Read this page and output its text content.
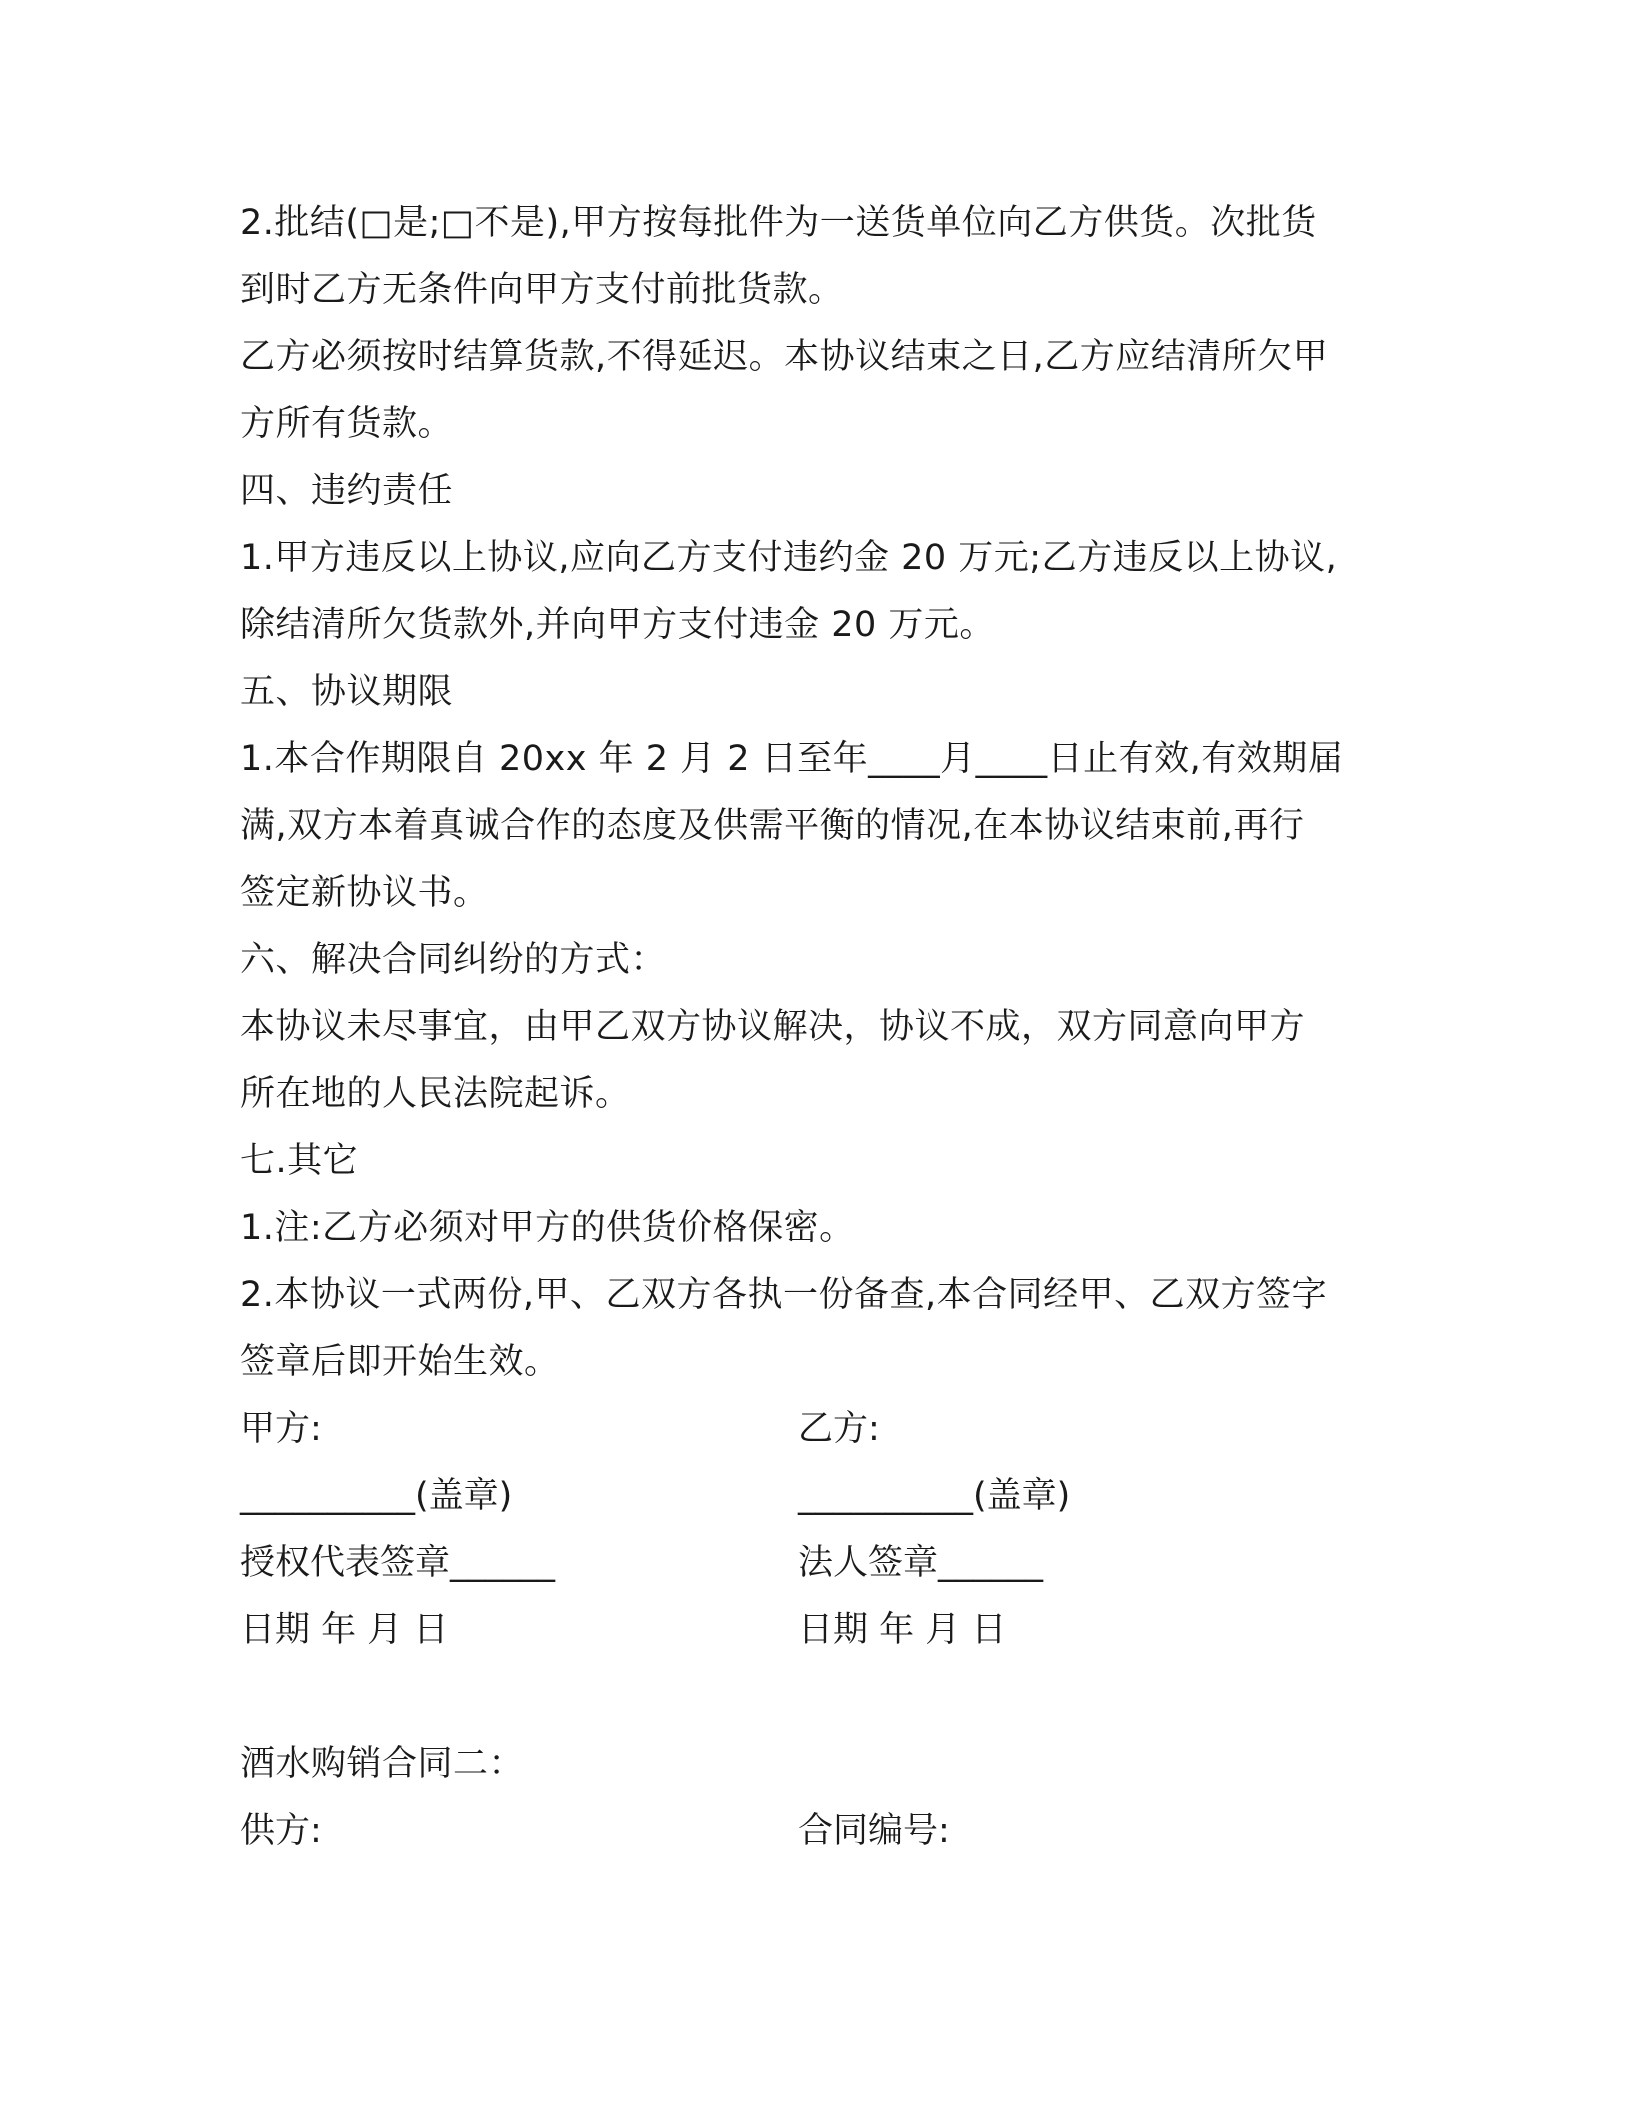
2.批结(□是;□不是),甲方按每批件为一送货单位向乙方供货。次批货
到时乙方无条件向甲方支付前批货款。
乙方必须按时结算货款,不得延迟。本协议结束之日,乙方应结清所欠甲
方所有货款。
四、违约责任
1.甲方违反以上协议,应向乙方支付违约金 20 万元;乙方违反以上协议,
除结清所欠货款外,并向甲方支付违金 20 万元。
五、协议期限
1.本合作期限自 20xx 年 2 月 2 日至年____月____日止有效,有效期届
满,双方本着真诚合作的态度及供需平衡的情况,在本协议结束前,再行
签定新协议书。
六、解决合同纠纷的方式：
本协议未尽事宜，由甲乙双方协议解决，协议不成，双方同意向甲方
所在地的人民法院起诉。
七.其它
1.注:乙方必须对甲方的供货价格保密。
2.本协议一式两份,甲、乙双方各执一份备查,本合同经甲、乙双方签字
签章后即开始生效。
甲方:	乙方:
__________(盖章)	__________(盖章)
授权代表签章______	法人签章______
日期 年 月 日	日期 年 月 日
酒水购销合同二：
供方:	合同编号:
